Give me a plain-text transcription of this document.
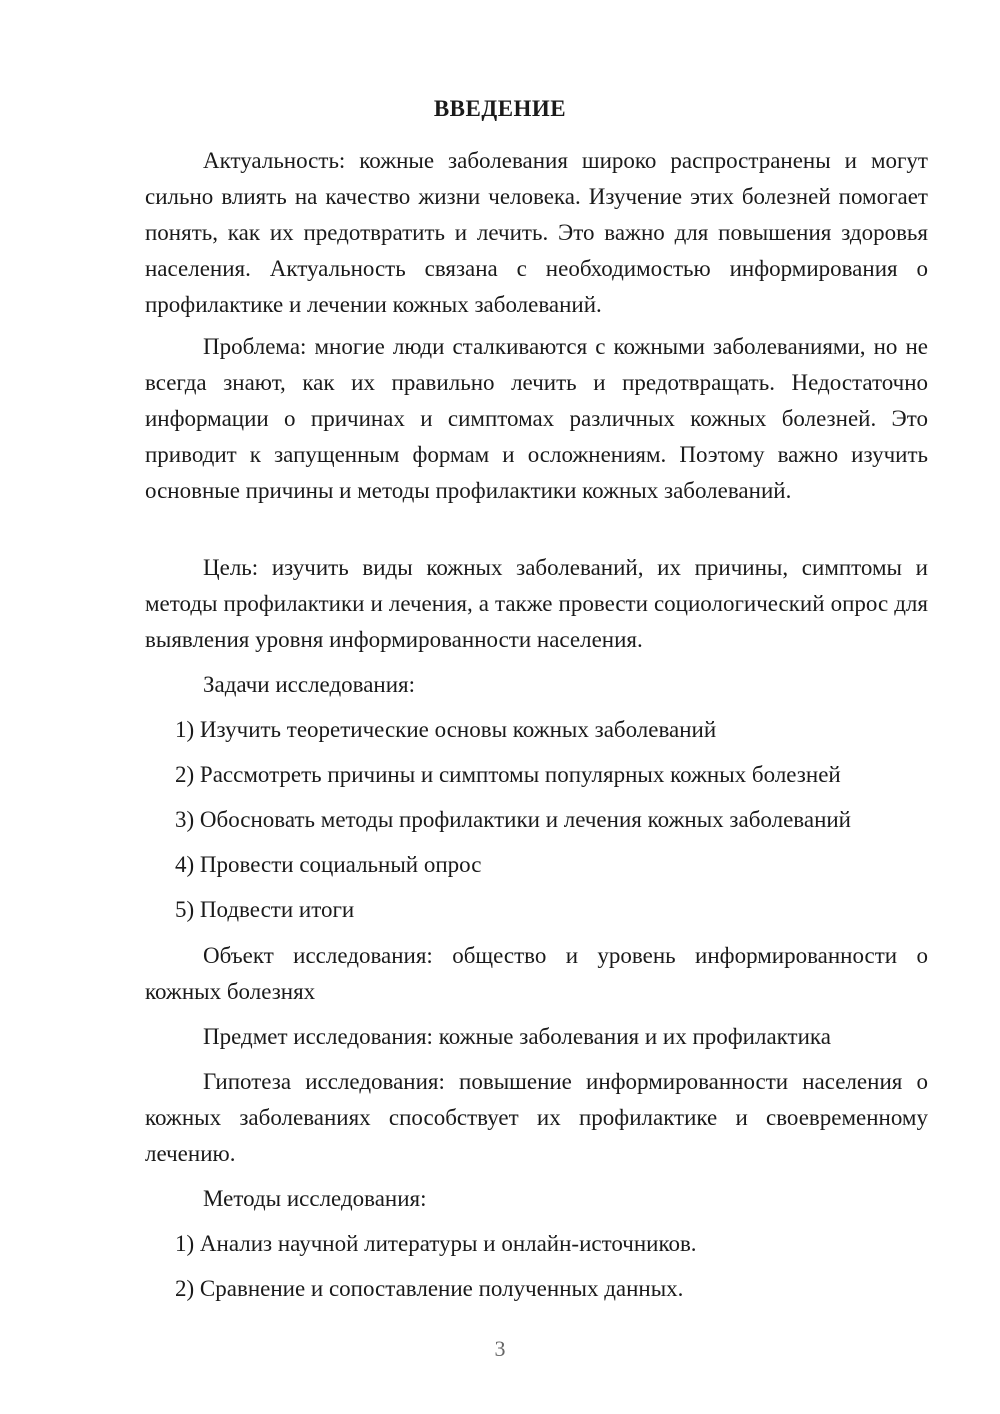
ВВЕДЕНИЕ

Актуальность: кожные заболевания широко распространены и могут сильно влиять на качество жизни человека. Изучение этих болезней помогает понять, как их предотвратить и лечить. Это важно для повышения здоровья населения. Актуальность связана с необходимостью информирования о профилактике и лечении кожных заболеваний.

Проблема: многие люди сталкиваются с кожными заболеваниями, но не всегда знают, как их правильно лечить и предотвращать. Недостаточно информации о причинах и симптомах различных кожных болезней. Это приводит к запущенным формам и осложнениям. Поэтому важно изучить основные причины и методы профилактики кожных заболеваний.

Цель: изучить виды кожных заболеваний, их причины, симптомы и методы профилактики и лечения, а также провести социологический опрос для выявления уровня информированности населения.

Задачи исследования:

1) Изучить теоретические основы кожных заболеваний

2) Рассмотреть причины и симптомы популярных кожных болезней

3) Обосновать методы профилактики и лечения кожных заболеваний

4) Провести социальный опрос

5) Подвести итоги

Объект исследования: общество и уровень информированности о кожных болезнях

Предмет исследования: кожные заболевания и их профилактика

Гипотеза исследования: повышение информированности населения о кожных заболеваниях способствует их профилактике и своевременному лечению.

Методы исследования:

1) Анализ научной литературы и онлайн-источников.

2) Сравнение и сопоставление полученных данных.

3
